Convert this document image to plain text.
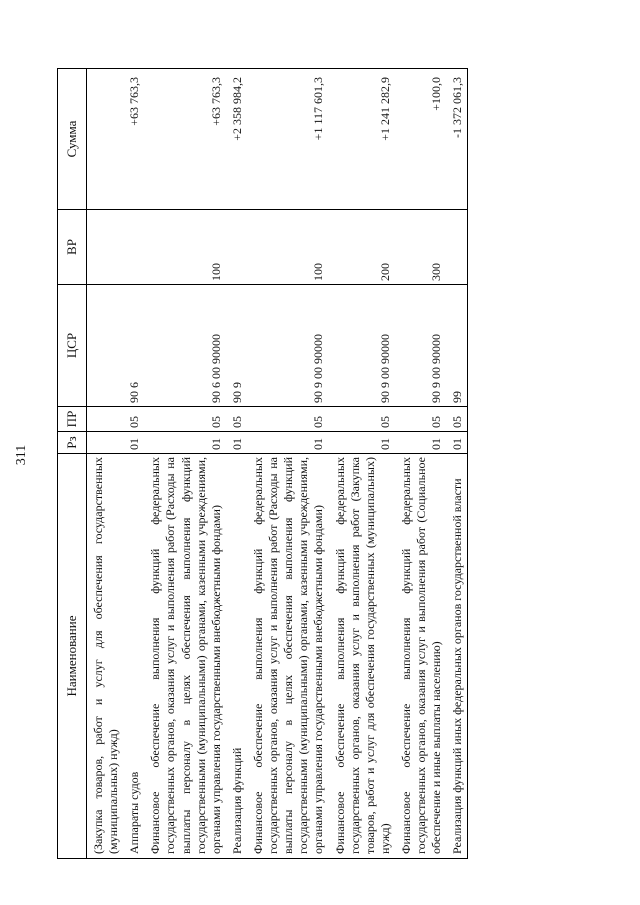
311
Наименование	Рз	ПР	ЦСР	ВР	Сумма
(Закупка товаров, работ и услуг для обеспечения государственных (муниципальных) нужд)					
Аппараты судов	01	05	90 6		+63 763,3
Финансовое обеспечение выполнения функций федеральных государственных органов, оказания услуг и выполнения работ (Расходы на выплаты персоналу в целях обеспечения выполнения функций государственными (муниципальными) органами, казенными учреждениями, органами управления государственными внебюджетными фондами)	01	05	90 6 00 90000	100	+63 763,3
Реализация функций	01	05	90 9		+2 358 984,2
Финансовое обеспечение выполнения функций федеральных государственных органов, оказания услуг и выполнения работ (Расходы на выплаты персоналу в целях обеспечения выполнения функций государственными (муниципальными) органами, казенными учреждениями, органами управления государственными внебюджетными фондами)	01	05	90 9 00 90000	100	+1 117 601,3
Финансовое обеспечение выполнения функций федеральных государственных органов, оказания услуг и выполнения работ (Закупка товаров, работ и услуг для обеспечения государственных (муниципальных) нужд)	01	05	90 9 00 90000	200	+1 241 282,9
Финансовое обеспечение выполнения функций федеральных государственных органов, оказания услуг и выполнения работ (Социальное обеспечение и иные выплаты населению)	01	05	90 9 00 90000	300	+100,0
Реализация функций иных федеральных органов государственной власти	01	05	99		-1 372 061,3
